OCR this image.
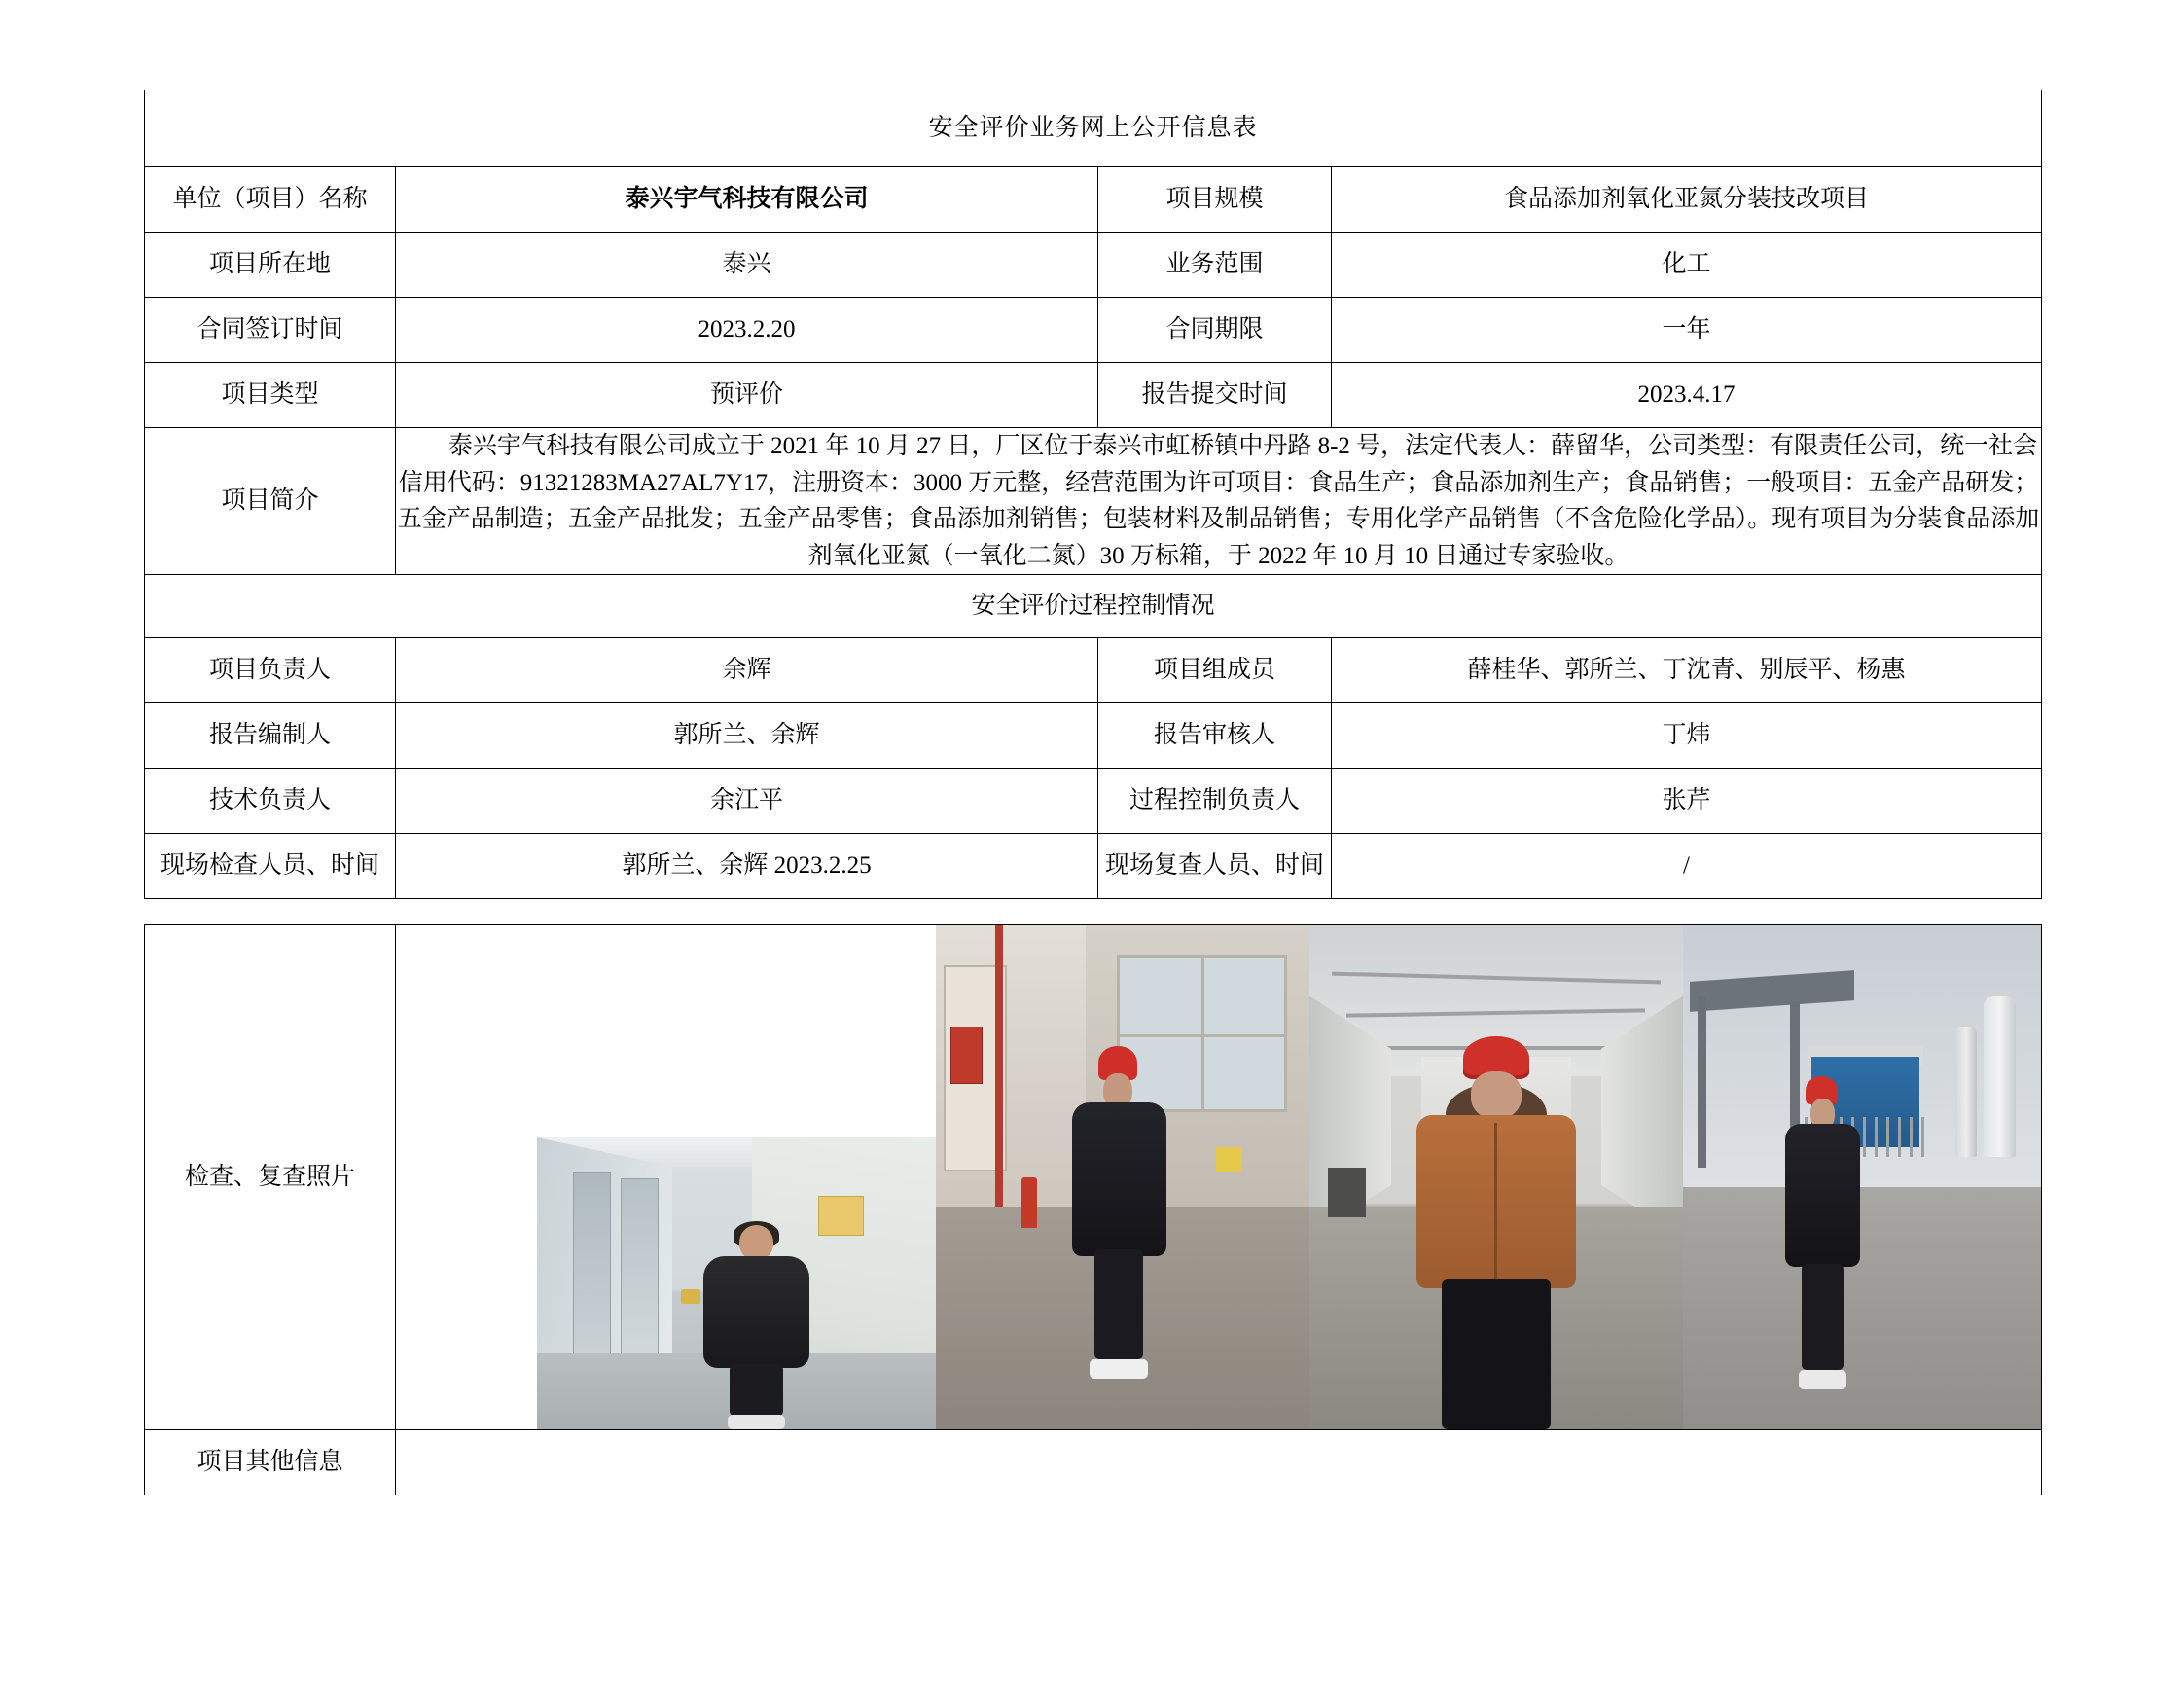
安全评价业务网上公开信息表			
单位（项目）名称	泰兴宇气科技有限公司	项目规模	食品添加剂氧化亚氮分装技改项目
项目所在地	泰兴	业务范围	化工
合同签订时间	2023.2.20	合同期限	一年
项目类型	预评价	报告提交时间	2023.4.17
项目简介	泰兴宇气科技有限公司成立于 2021 年 10 月 27 日，厂区位于泰兴市虹桥镇中丹路 8-2 号，法定代表人：薛留华，公司类型：有限责任公司，统一社会信用代码：91321283MA27AL7Y17，注册资本：3000 万元整，经营范围为许可项目：食品生产；食品添加剂生产；食品销售；一般项目：五金产品研发；五金产品制造；五金产品批发；五金产品零售；食品添加剂销售；包装材料及制品销售；专用化学产品销售（不含危险化学品）。现有项目为分装食品添加剂氧化亚氮（一氧化二氮）30 万标箱，于 2022 年 10 月 10 日通过专家验收。		

安全评价过程控制情况			
项目负责人	余辉	项目组成员	薛桂华、郭所兰、丁沈青、别辰平、杨惠
报告编制人	郭所兰、余辉	报告审核人	丁炜
技术负责人	余江平	过程控制负责人	张芹
现场检查人员、时间	郭所兰、余辉 2023.2.25	现场复查人员、时间	/
检查、复查照片	

项目其他信息	
